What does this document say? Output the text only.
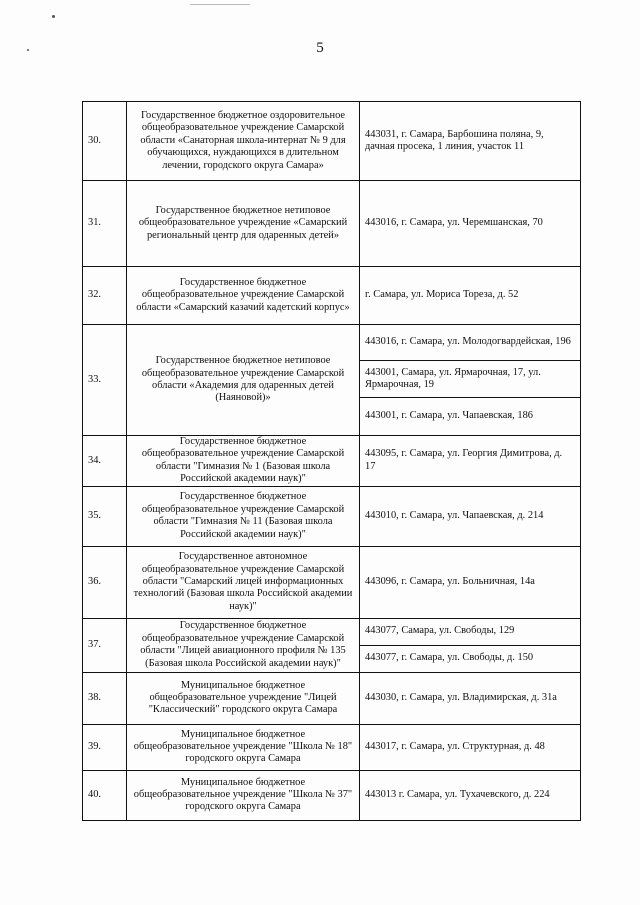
5
30.	Государственное бюджетное оздоровительное общеобразовательное учреждение Самарской области «Санаторная школа-интернат № 9 для обучающихся, нуждающихся в длительном лечении, городского округа Самара»	443031, г. Самара, Барбошина поляна, 9, дачная просека, 1 линия, участок 11
31.	Государственное бюджетное нетиповое общеобразовательное учреждение «Самарский региональный центр для одаренных детей»	443016, г. Самара, ул. Черемшанская, 70
32.	Государственное бюджетное общеобразовательное учреждение Самарской области «Самарский казачий кадетский корпус»	г. Самара, ул. Мориса Тореза, д. 52
33.	Государственное бюджетное нетиповое общеобразовательное учреждение Самарской области «Академия для одаренных детей (Наяновой)»	443016, г. Самара, ул. Молодогвардейская, 196
		443001, Самара, ул. Ярмарочная, 17, ул. Ярмарочная, 19
		443001, г. Самара, ул. Чапаевская, 186
34.	Государственное бюджетное общеобразовательное учреждение Самарской области "Гимназия № 1 (Базовая школа Российской академии наук)"	443095, г. Самара, ул. Георгия Димитрова, д. 17
35.	Государственное бюджетное общеобразовательное учреждение Самарской области "Гимназия № 11 (Базовая школа Российской академии наук)"	443010, г. Самара, ул. Чапаевская, д. 214
36.	Государственное автономное общеобразовательное учреждение Самарской области "Самарский лицей информационных технологий (Базовая школа Российской академии наук)"	443096, г. Самара, ул. Больничная, 14а
37.	Государственное бюджетное общеобразовательное учреждение Самарской области "Лицей авиационного профиля № 135 (Базовая школа Российской академии наук)"	443077, Самара, ул. Свободы, 129
		443077, г. Самара, ул. Свободы, д. 150
38.	Муниципальное бюджетное общеобразовательное учреждение "Лицей "Классический" городского округа Самара	443030, г. Самара, ул. Владимирская, д. 31а
39.	Муниципальное бюджетное общеобразовательное учреждение "Школа № 18" городского округа Самара	443017, г. Самара, ул. Структурная, д. 48
40.	Муниципальное бюджетное общеобразовательное учреждение "Школа № 37" городского округа Самара	443013 г. Самара, ул. Тухачевского, д. 224
